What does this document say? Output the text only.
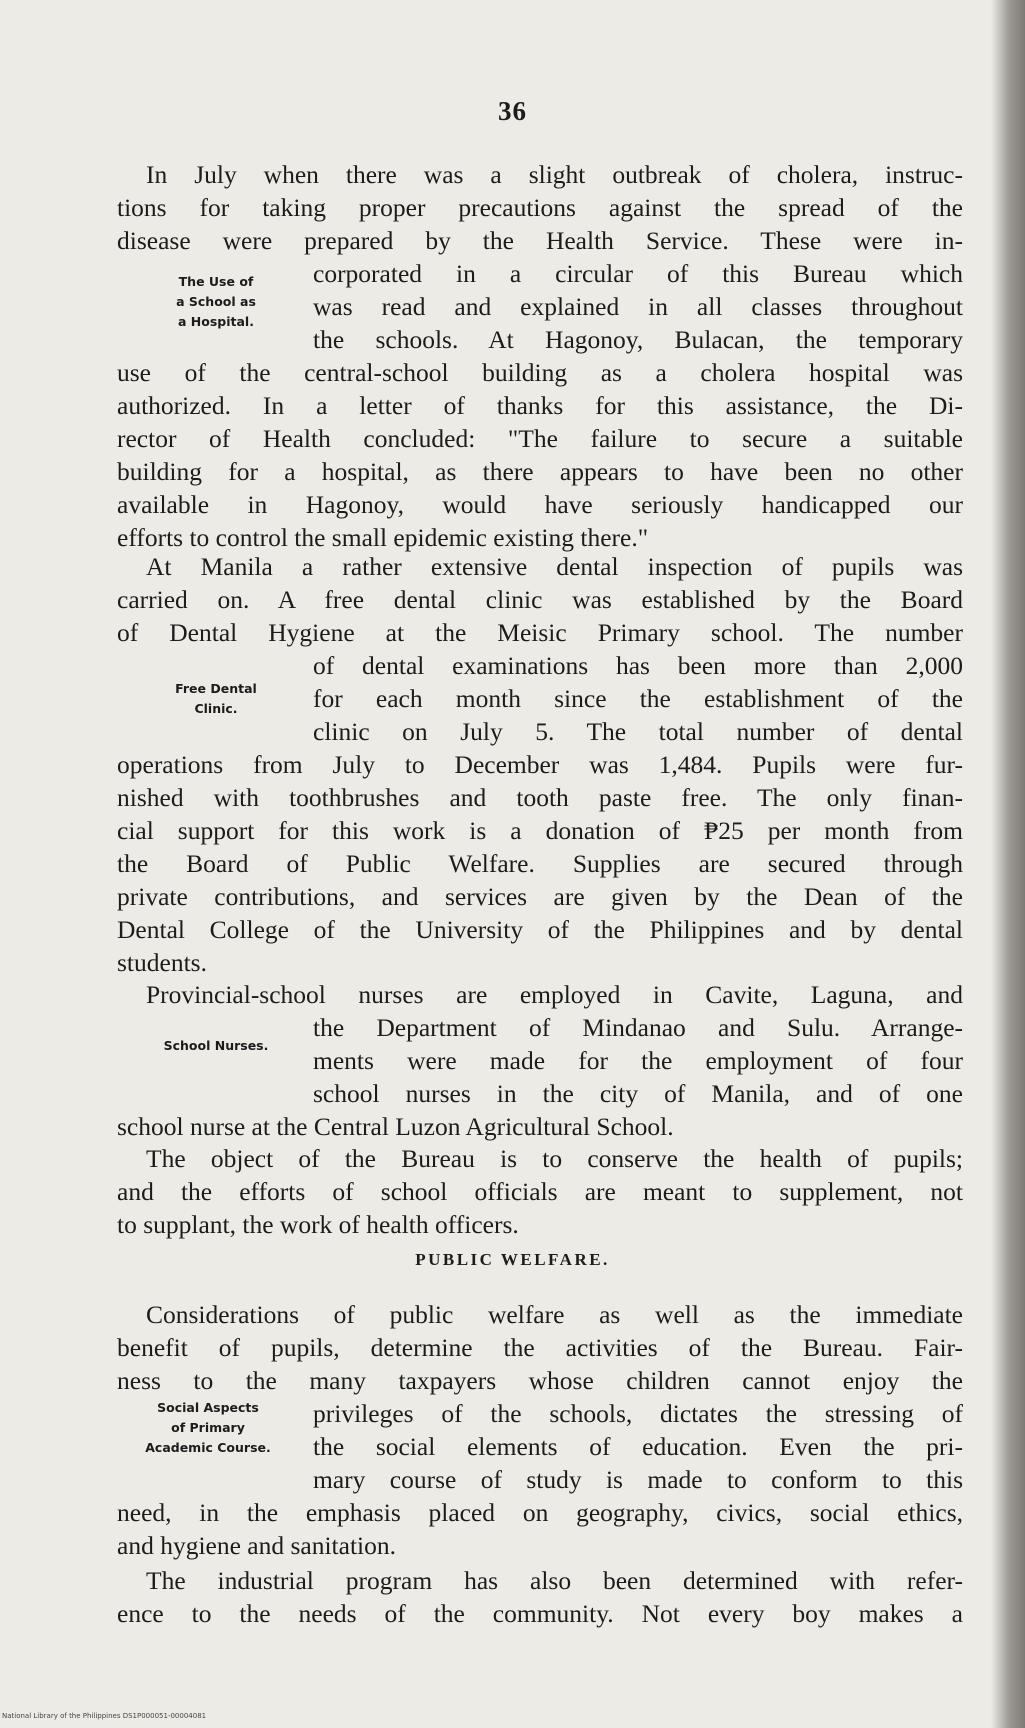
36
In July when there was a slight outbreak of cholera, instruc-
tions for taking proper precautions against the spread of the
disease were prepared by the Health Service. These were in-
corporated in a circular of this Bureau which
was read and explained in all classes throughout
the schools. At Hagonoy, Bulacan, the temporary
use of the central-school building as a cholera hospital was
authorized. In a letter of thanks for this assistance, the Di-
rector of Health concluded: "The failure to secure a suitable
building for a hospital, as there appears to have been no other
available in Hagonoy, would have seriously handicapped our
efforts to control the small epidemic existing there."
The Use of
a School as
a Hospital.
At Manila a rather extensive dental inspection of pupils was
carried on. A free dental clinic was established by the Board
of Dental Hygiene at the Meisic Primary school. The number
of dental examinations has been more than 2,000
for each month since the establishment of the
clinic on July 5. The total number of dental
operations from July to December was 1,484. Pupils were fur-
nished with toothbrushes and tooth paste free. The only finan-
cial support for this work is a donation of ₱25 per month from
the Board of Public Welfare. Supplies are secured through
private contributions, and services are given by the Dean of the
Dental College of the University of the Philippines and by dental
students.
Free Dental
Clinic.
Provincial-school nurses are employed in Cavite, Laguna, and
the Department of Mindanao and Sulu. Arrange-
ments were made for the employment of four
school nurses in the city of Manila, and of one
school nurse at the Central Luzon Agricultural School.
School Nurses.
The object of the Bureau is to conserve the health of pupils;
and the efforts of school officials are meant to supplement, not
to supplant, the work of health officers.
PUBLIC WELFARE.
Considerations of public welfare as well as the immediate
benefit of pupils, determine the activities of the Bureau. Fair-
ness to the many taxpayers whose children cannot enjoy the
privileges of the schools, dictates the stressing of
the social elements of education. Even the pri-
mary course of study is made to conform to this
need, in the emphasis placed on geography, civics, social ethics,
and hygiene and sanitation.
Social Aspects
of Primary
Academic Course.
The industrial program has also been determined with refer-
ence to the needs of the community. Not every boy makes a
National Library of the Philippines DS1P000051-00004081
